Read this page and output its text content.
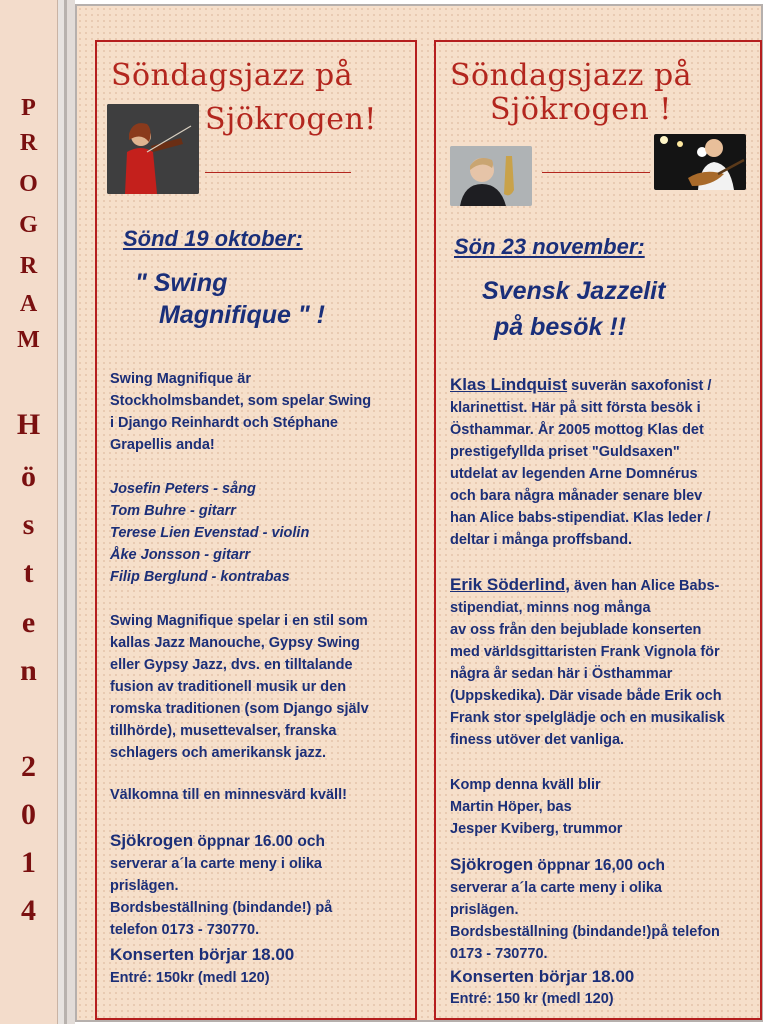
P
R
O
G
R
A
M
H
ö
s
t
e
n
2
0
1
4
Söndagsjazz på
Sjökrogen!
Sönd 19 oktober:
" Swing
Magnifique " !
Swing Magnifique är
Stockholmsbandet, som spelar Swing
i Django Reinhardt och Stéphane
Grapellis anda!
Josefin Peters - sång
Tom Buhre - gitarr
Terese Lien Evenstad - violin
Åke Jonsson - gitarr
Filip Berglund - kontrabas
Swing Magnifique spelar i en stil som
kallas Jazz Manouche, Gypsy Swing
eller Gypsy Jazz, dvs. en tilltalande
fusion av traditionell musik ur den
romska traditionen (som Django själv
tillhörde), musettevalser, franska
schlagers och amerikansk jazz.
Välkomna till en minnesvärd kväll!
Sjökrogen öppnar 16.00 och
serverar a´la carte meny i olika
prislägen.
Bordsbeställning (bindande!) på
telefon 0173 - 730770.
Konserten börjar 18.00
Entré: 150kr (medl 120)
Söndagsjazz på
Sjökrogen !
Sön 23 november:
Svensk Jazzelit
på besök !!
Klas Lindquist suverän saxofonist /
klarinettist. Här på sitt första besök i
Östhammar. År 2005 mottog Klas det
prestigefyllda priset "Guldsaxen"
utdelat av legenden Arne Domnérus
och bara några månader senare blev
han Alice babs-stipendiat. Klas leder /
deltar i många proffsband.
Erik Söderlind, även han Alice Babs-
stipendiat, minns nog många
av oss från den bejublade konserten
med världsgittaristen Frank Vignola för
några år sedan här i Östhammar
(Uppskedika). Där visade både Erik och
Frank stor spelglädje och en musikalisk
finess utöver det vanliga.
Komp denna kväll blir
Martin Höper, bas
Jesper Kviberg, trummor
Sjökrogen öppnar 16,00 och
serverar a´la carte meny i olika
prislägen.
Bordsbeställning (bindande!)på telefon
0173 - 730770.
Konserten börjar 18.00
Entré: 150 kr (medl 120)
